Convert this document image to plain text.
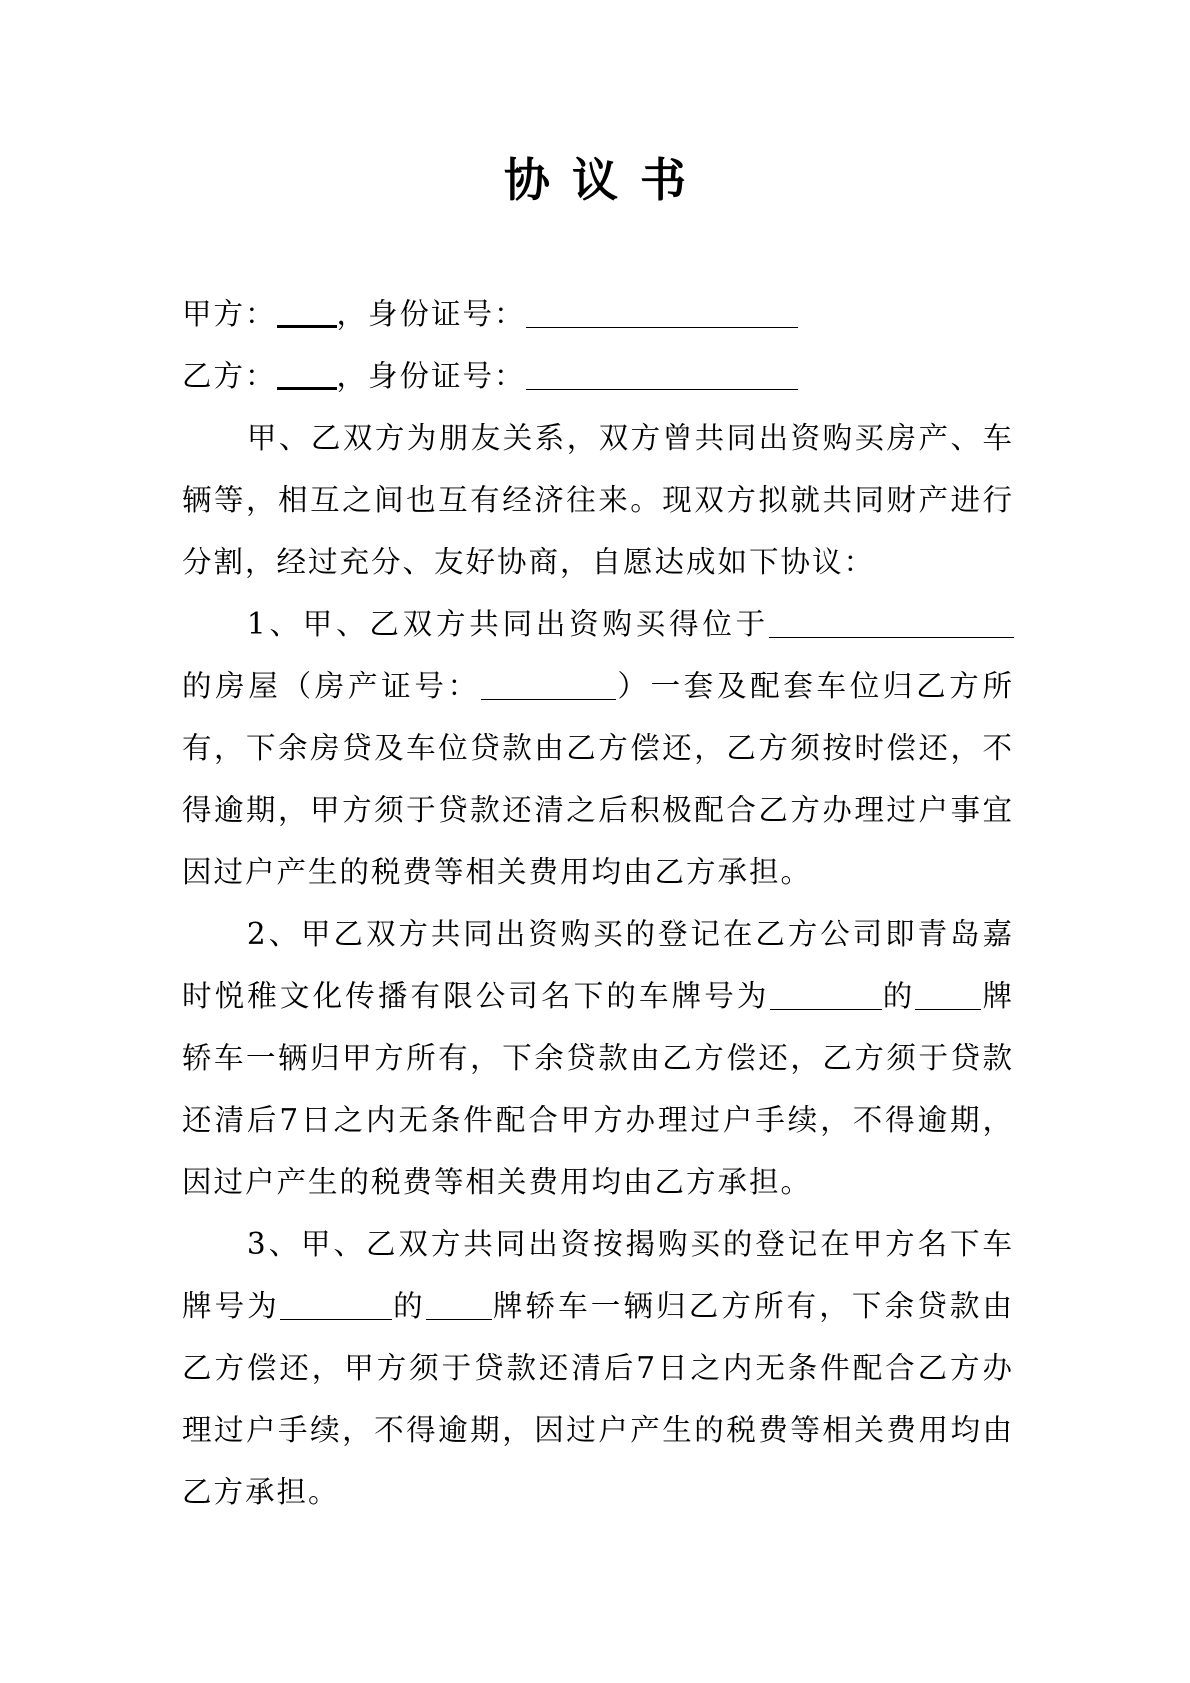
协议书
甲方： ，身份证号：
乙方： ，身份证号：

甲、乙双方为朋友关系，双方曾共同出资购买房产、车辆等，相互之间也互有经济往来。现双方拟就共同财产进行分割，经过充分、友好协商，自愿达成如下协议：

1、甲、乙双方共同出资购买得位于的房屋（房产证号：	）一套及配套车位归乙方所有，下余房贷及车位贷款由乙方偿还，乙方须按时偿还，不得逾期，甲方须于贷款还清之后积极配合乙方办理过户事宜因过户产生的税费等相关费用均由乙方承担。

2、甲乙双方共同出资购买的登记在乙方公司即青岛嘉时悦稚文化传播有限公司名下的车牌号为	的 牌轿车一辆归甲方所有，下余贷款由乙方偿还，乙方须于贷款还清后7日之内无条件配合甲方办理过户手续，不得逾期，因过户产生的税费等相关费用均由乙方承担。

3、甲、乙双方共同出资按揭购买的登记在甲方名下车牌号为	的 牌轿车一辆归乙方所有，下余贷款由乙方偿还，甲方须于贷款还清后7日之内无条件配合乙方办理过户手续，不得逾期，因过户产生的税费等相关费用均由乙方承担。
